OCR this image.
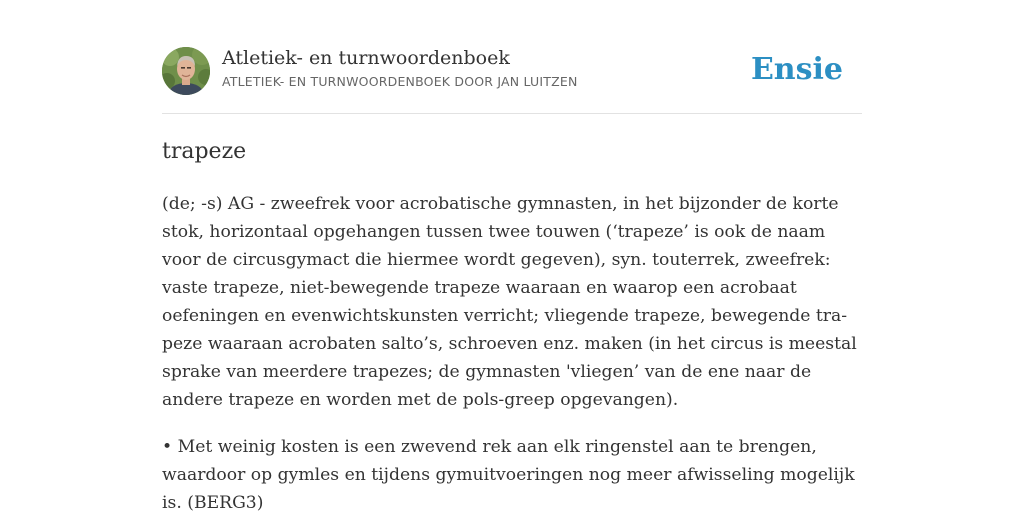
Atletiek- en turnwoordenboek
ATLETIEK- EN TURNWOORDENBOEK DOOR JAN LUITZEN	Ensie
trapeze

(de; -s) AG - zweefrek voor acrobatische gymnasten, in het bijzonder de korte stok, horizontaal opgehangen tussen twee touwen (‘trapeze’ is ook de naam voor de circusgymact die hiermee wordt gegeven), syn. touterrek, zweefrek: vaste trapeze, niet-bewegende trapeze waaraan en waarop een acrobaat oefeningen en evenwichtskunsten verricht; vliegende trapeze, bewegende tra-peze waaraan acrobaten salto’s, schroeven enz. maken (in het circus is meestal sprake van meerdere trapezes; de gymnasten 'vliegen’ van de ene naar de andere trapeze en worden met de pols-greep opgevangen).

• Met weinig kosten is een zwevend rek aan elk ringenstel aan te brengen, waardoor op gymles en tijdens gymuitvoeringen nog meer afwisseling mogelijk is. (BERG3)
